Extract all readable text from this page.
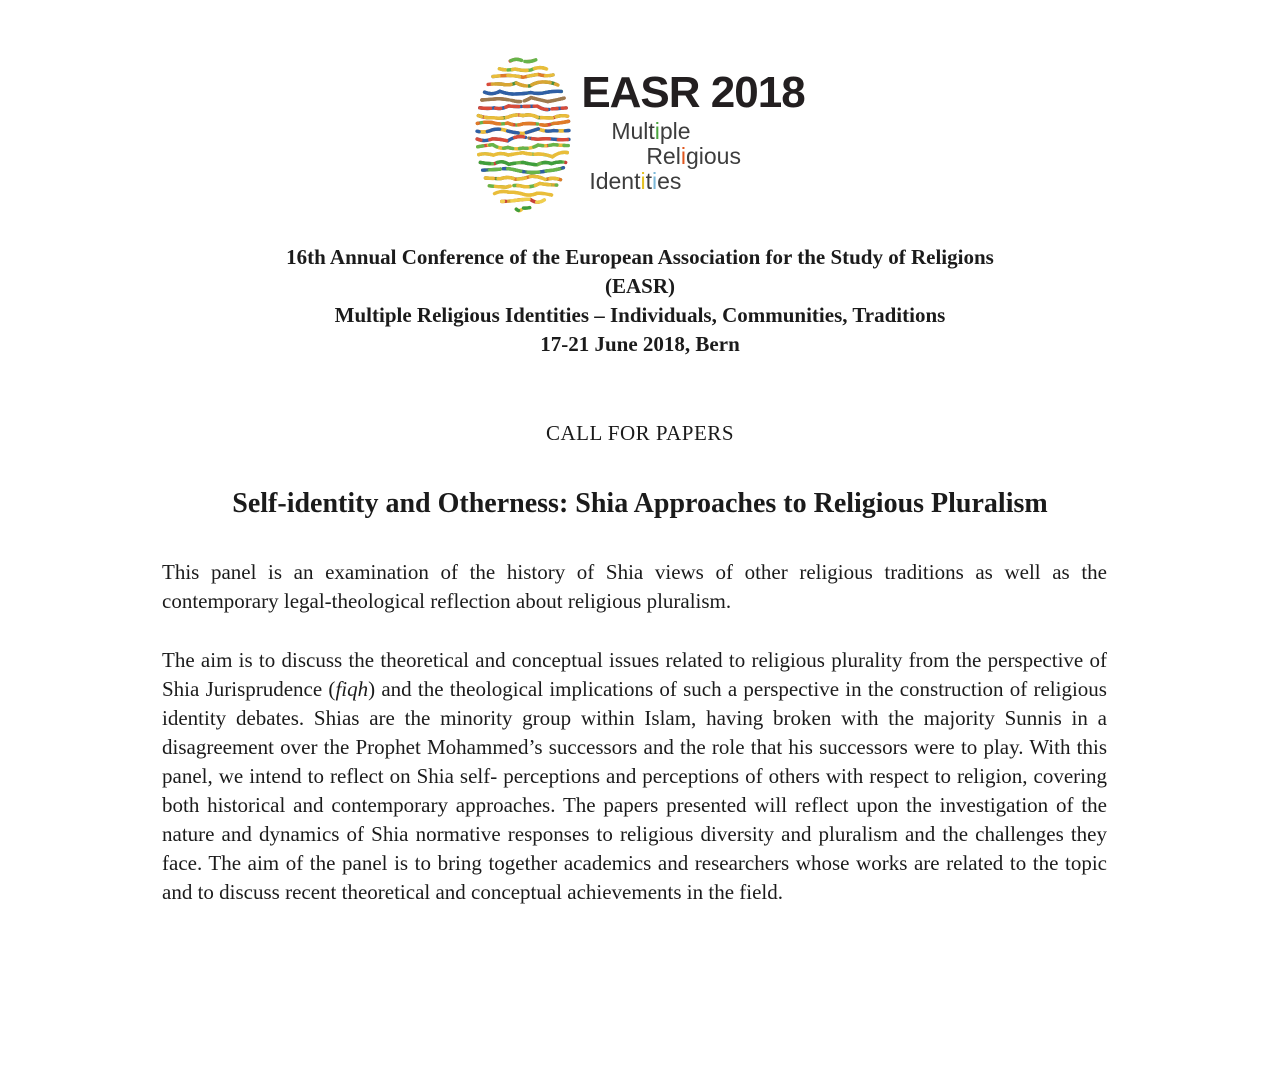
EASR 2018
Multiple
Religious
Identities
16th Annual Conference of the European Association for the Study of Religions
(EASR)
Multiple Religious Identities – Individuals, Communities, Traditions
17-21 June 2018, Bern
CALL FOR PAPERS
Self-identity and Otherness: Shia Approaches to Religious Pluralism

This panel is an examination of the history of Shia views of other religious traditions as well as the contemporary legal-theological reflection about religious pluralism.

The aim is to discuss the theoretical and conceptual issues related to religious plurality from the perspective of Shia Jurisprudence (fiqh) and the theological implications of such a perspective in the construction of religious identity debates. Shias are the minority group within Islam, having broken with the majority Sunnis in a disagreement over the Prophet Mohammed’s successors and the role that his successors were to play. With this panel, we intend to reflect on Shia self- perceptions and perceptions of others with respect to religion, covering both historical and contemporary approaches. The papers presented will reflect upon the investigation of the nature and dynamics of Shia normative responses to religious diversity and pluralism and the challenges they face. The aim of the panel is to bring together academics and researchers whose works are related to the topic and to discuss recent theoretical and conceptual achievements in the field.
